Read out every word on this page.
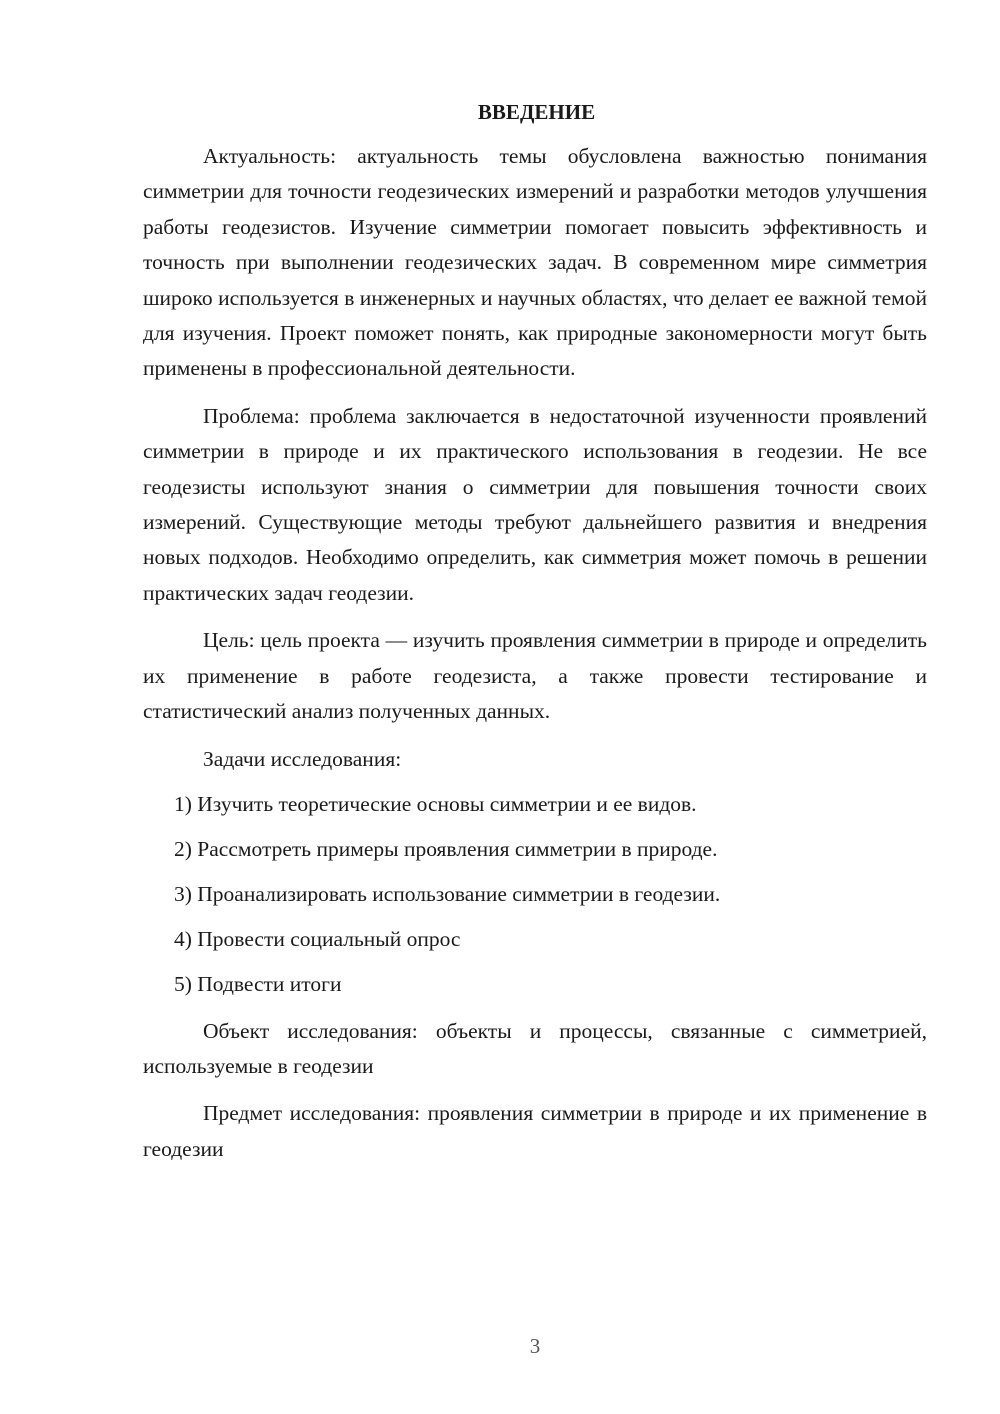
ВВЕДЕНИЕ

Актуальность: актуальность темы обусловлена важностью понимания симметрии для точности геодезических измерений и разработки методов улучшения работы геодезистов. Изучение симметрии помогает повысить эффективность и точность при выполнении геодезических задач. В современном мире симметрия широко используется в инженерных и научных областях, что делает ее важной темой для изучения. Проект поможет понять, как природные закономерности могут быть применены в профессиональной деятельности.

Проблема: проблема заключается в недостаточной изученности проявлений симметрии в природе и их практического использования в геодезии. Не все геодезисты используют знания о симметрии для повышения точности своих измерений. Существующие методы требуют дальнейшего развития и внедрения новых подходов. Необходимо определить, как симметрия может помочь в решении практических задач геодезии.

Цель: цель проекта — изучить проявления симметрии в природе и определить их применение в работе геодезиста, а также провести тестирование и статистический анализ полученных данных.

Задачи исследования:

1) Изучить теоретические основы симметрии и ее видов.

2) Рассмотреть примеры проявления симметрии в природе.

3) Проанализировать использование симметрии в геодезии.

4) Провести социальный опрос

5) Подвести итоги

Объект исследования: объекты и процессы, связанные с симметрией, используемые в геодезии

Предмет исследования: проявления симметрии в природе и их применение в геодезии

3
